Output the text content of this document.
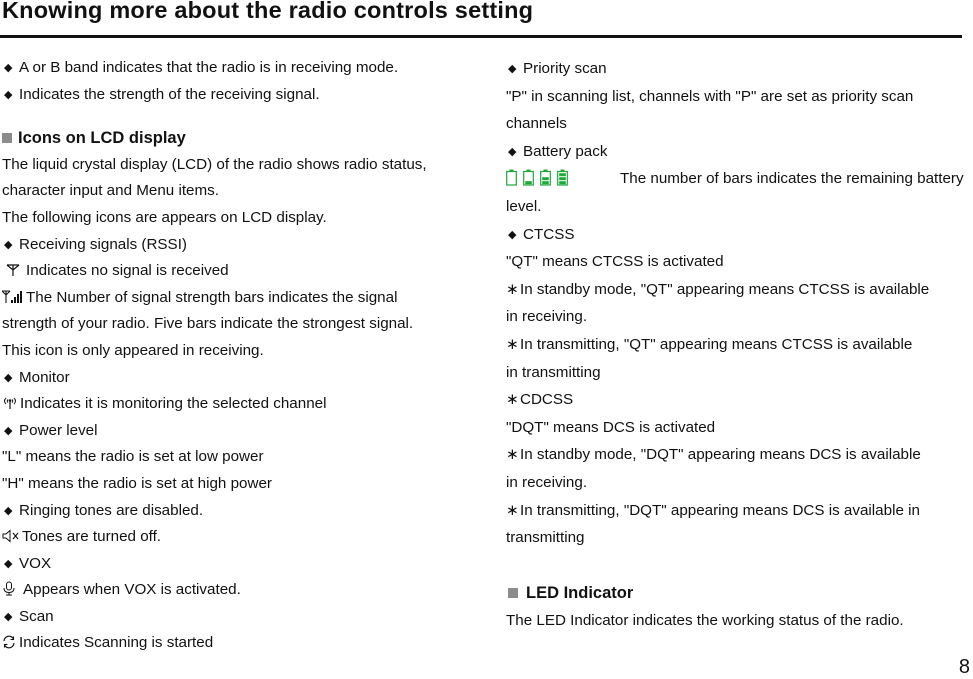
Knowing more about the radio controls setting
◆ A or B band indicates that the radio is in receiving mode.
◆ Indicates the strength of the receiving signal.
Icons on LCD display
The liquid crystal display (LCD) of the radio shows radio status,
character input and Menu items.
The following icons are appears on LCD display.
◆ Receiving signals (RSSI)
Indicates no signal is received
The Number of signal strength bars indicates the signal
strength of your radio. Five bars indicate the strongest signal.
This icon is only appeared in receiving.
◆ Monitor
Indicates it is monitoring the selected channel
◆ Power level
"L" means the radio is set at low power
"H" means the radio is set at high power
◆ Ringing tones are disabled.
Tones are turned off.
◆ VOX
Appears when VOX is activated.
◆ Scan
Indicates Scanning is started
◆ Priority scan
"P" in scanning list, channels with "P" are set as priority scan
channels
◆ Battery pack
The number of bars indicates the remaining battery
level.
◆ CTCSS
"QT" means CTCSS is activated
∗In standby mode, "QT" appearing means CTCSS is available
in receiving.
∗In transmitting, "QT" appearing means CTCSS is available
in transmitting
∗CDCSS
"DQT" means DCS is activated
∗In standby mode, "DQT" appearing means DCS is available
in receiving.
∗In transmitting, "DQT" appearing means DCS is available in
transmitting
LED Indicator
The LED Indicator indicates the working status of the radio.
8
